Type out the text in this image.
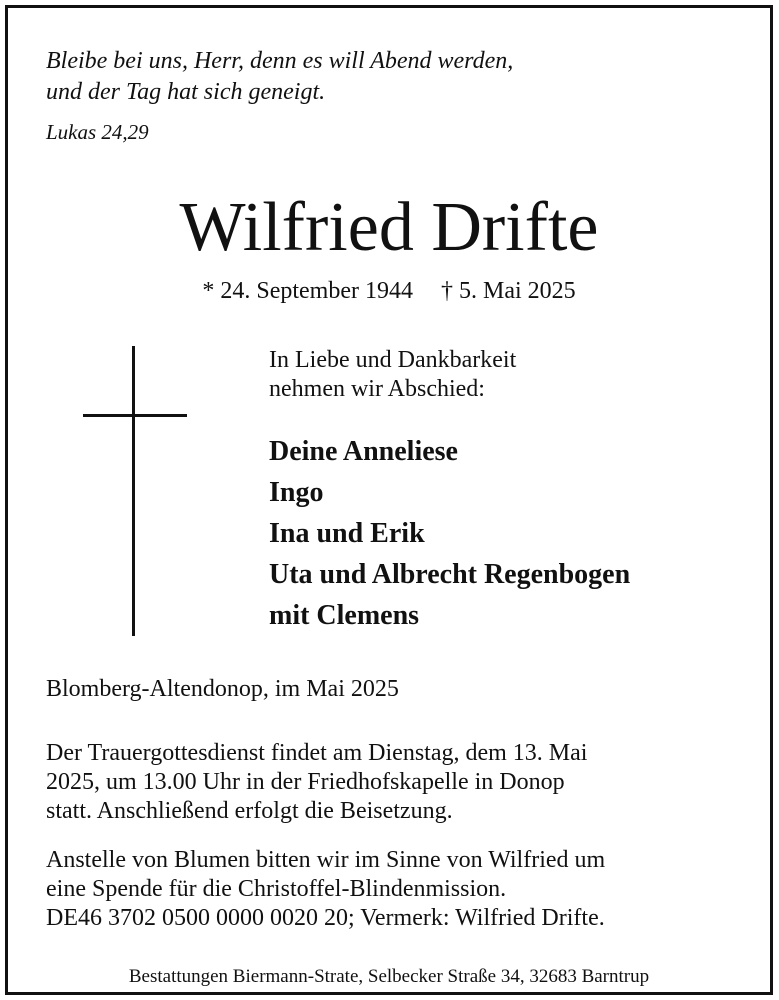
Bleibe bei uns, Herr, denn es will Abend werden,
und der Tag hat sich geneigt.

Lukas 24,29

Wilfried Drifte

* 24. September 1944 † 5. Mai 2025

In Liebe und Dankbarkeit
nehmen wir Abschied:

Deine Anneliese
Ingo
Ina und Erik
Uta und Albrecht Regenbogen
mit Clemens

Blomberg-Altendonop, im Mai 2025

Der Trauergottesdienst findet am Dienstag, dem 13. Mai
2025, um 13.00 Uhr in der Friedhofskapelle in Donop
statt. Anschließend erfolgt die Beisetzung.

Anstelle von Blumen bitten wir im Sinne von Wilfried um
eine Spende für die Christoffel-Blindenmission.
DE46 3702 0500 0000 0020 20; Vermerk: Wilfried Drifte.

Bestattungen Biermann-Strate, Selbecker Straße 34, 32683 Barntrup
